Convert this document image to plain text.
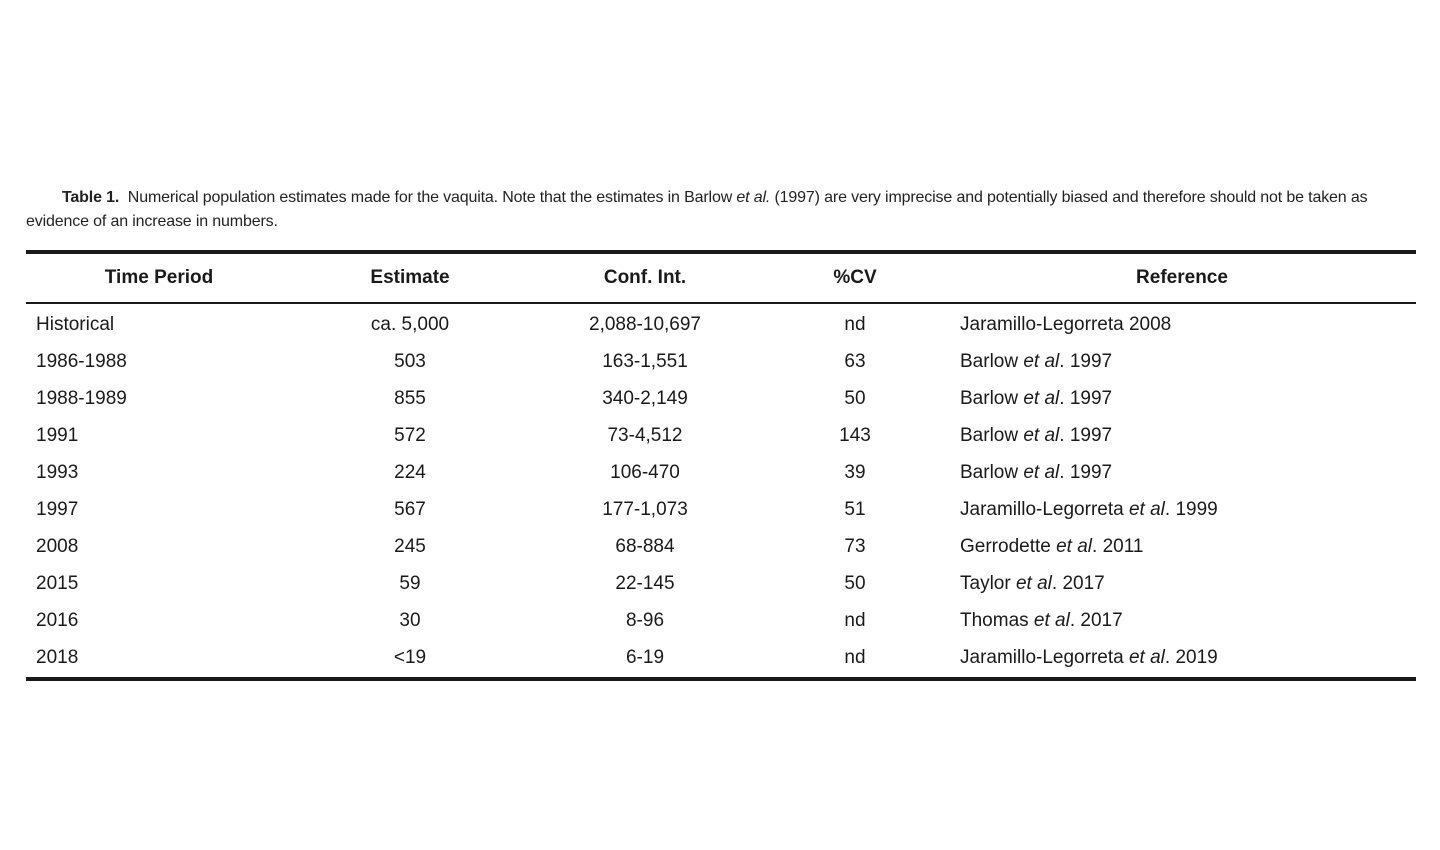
Table 1. Numerical population estimates made for the vaquita. Note that the estimates in Barlow et al. (1997) are very imprecise and potentially biased and therefore should not be taken as evidence of an increase in numbers.
Time Period	Estimate	Conf. Int.	%CV	Reference
Historical	ca. 5,000	2,088-10,697	nd	Jaramillo-Legorreta 2008
1986-1988	503	163-1,551	63	Barlow et al. 1997
1988-1989	855	340-2,149	50	Barlow et al. 1997
1991	572	73-4,512	143	Barlow et al. 1997
1993	224	106-470	39	Barlow et al. 1997
1997	567	177-1,073	51	Jaramillo-Legorreta et al. 1999
2008	245	68-884	73	Gerrodette et al. 2011
2015	59	22-145	50	Taylor et al. 2017
2016	30	8-96	nd	Thomas et al. 2017
2018	<19	6-19	nd	Jaramillo-Legorreta et al. 2019
